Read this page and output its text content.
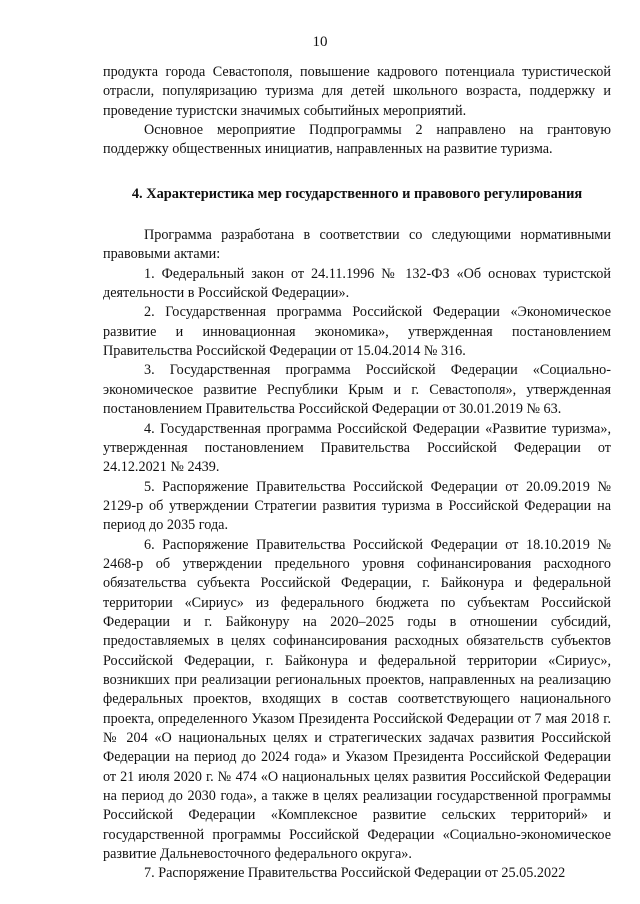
10

продукта города Севастополя, повышение кадрового потенциала туристической отрасли, популяризацию туризма для детей школьного возраста, поддержку и проведение туристски значимых событийных мероприятий.

Основное мероприятие Подпрограммы 2 направлено на грантовую поддержку общественных инициатив, направленных на развитие туризма.

4. Характеристика мер государственного и правового регулирования

Программа разработана в соответствии со следующими нормативными правовыми актами:

1. Федеральный закон от 24.11.1996 № 132-ФЗ «Об основах туристской деятельности в Российской Федерации».

2. Государственная программа Российской Федерации «Экономическое развитие и инновационная экономика», утвержденная постановлением Правительства Российской Федерации от 15.04.2014 № 316.

3. Государственная программа Российской Федерации «Социально-экономическое развитие Республики Крым и г. Севастополя», утвержденная постановлением Правительства Российской Федерации от 30.01.2019 № 63.

4. Государственная программа Российской Федерации «Развитие туризма», утвержденная постановлением Правительства Российской Федерации от 24.12.2021 № 2439.

5. Распоряжение Правительства Российской Федерации от 20.09.2019 № 2129-р об утверждении Стратегии развития туризма в Российской Федерации на период до 2035 года.

6. Распоряжение Правительства Российской Федерации от 18.10.2019 № 2468-р об утверждении предельного уровня софинансирования расходного обязательства субъекта Российской Федерации, г. Байконура и федеральной территории «Сириус» из федерального бюджета по субъектам Российской Федерации и г. Байконуру на 2020–2025 годы в отношении субсидий, предоставляемых в целях софинансирования расходных обязательств субъектов Российской Федерации, г. Байконура и федеральной территории «Сириус», возникших при реализации региональных проектов, направленных на реализацию федеральных проектов, входящих в состав соответствующего национального проекта, определенного Указом Президента Российской Федерации от 7 мая 2018 г. № 204 «О национальных целях и стратегических задачах развития Российской Федерации на период до 2024 года» и Указом Президента Российской Федерации от 21 июля 2020 г. № 474 «О национальных целях развития Российской Федерации на период до 2030 года», а также в целях реализации государственной программы Российской Федерации «Комплексное развитие сельских территорий» и государственной программы Российской Федерации «Социально-экономическое развитие Дальневосточного федерального округа».

7. Распоряжение Правительства Российской Федерации от 25.05.2022
